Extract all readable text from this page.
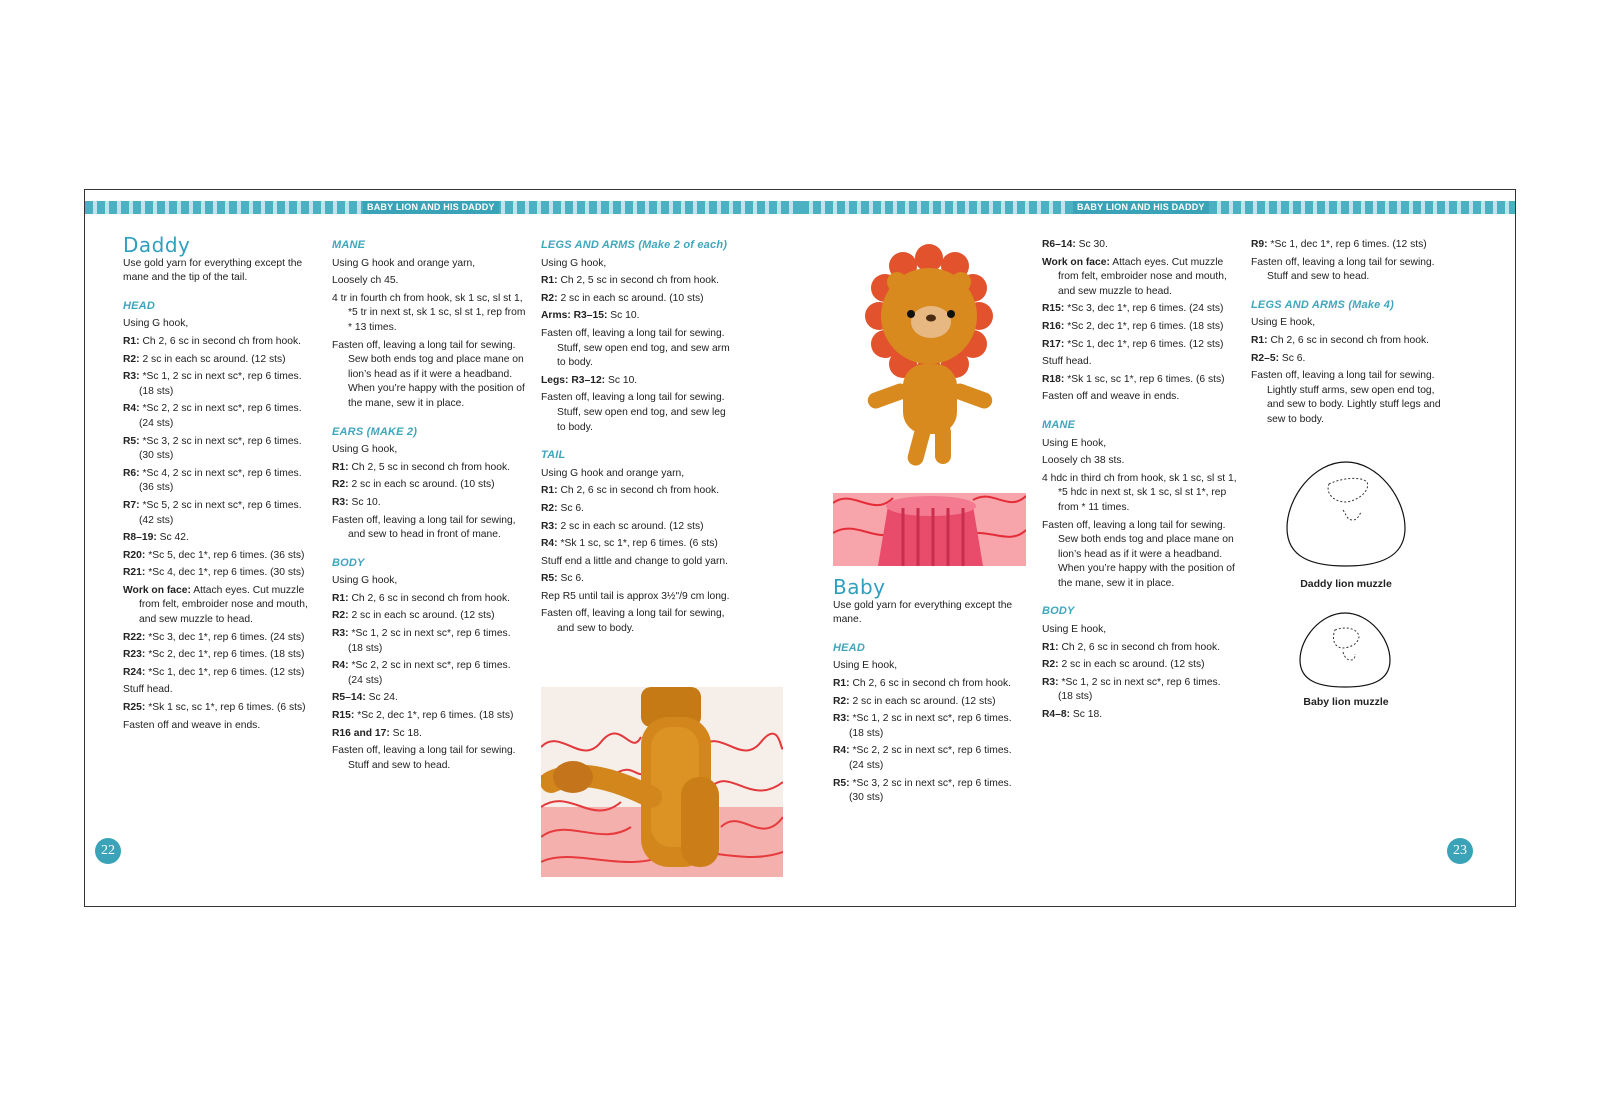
BABY LION AND HIS DADDY	BABY LION AND HIS DADDY
Daddy

Use gold yarn for everything except the mane and the tip of the tail.

HEAD

Using G hook,

R1: Ch 2, 6 sc in second ch from hook.

R2: 2 sc in each sc around. (12 sts)

R3: *Sc 1, 2 sc in next sc*, rep 6 times. (18 sts)

R4: *Sc 2, 2 sc in next sc*, rep 6 times. (24 sts)

R5: *Sc 3, 2 sc in next sc*, rep 6 times. (30 sts)

R6: *Sc 4, 2 sc in next sc*, rep 6 times. (36 sts)

R7: *Sc 5, 2 sc in next sc*, rep 6 times. (42 sts)

R8–19: Sc 42.

R20: *Sc 5, dec 1*, rep 6 times. (36 sts)

R21: *Sc 4, dec 1*, rep 6 times. (30 sts)

Work on face: Attach eyes. Cut muzzle from felt, embroider nose and mouth, and sew muzzle to head.

R22: *Sc 3, dec 1*, rep 6 times. (24 sts)

R23: *Sc 2, dec 1*, rep 6 times. (18 sts)

R24: *Sc 1, dec 1*, rep 6 times. (12 sts)

Stuff head.

R25: *Sk 1 sc, sc 1*, rep 6 times. (6 sts)

Fasten off and weave in ends.

MANE

Using G hook and orange yarn,

Loosely ch 45.

4 tr in fourth ch from hook, sk 1 sc, sl st 1, *5 tr in next st, sk 1 sc, sl st 1, rep from * 13 times.

Fasten off, leaving a long tail for sewing. Sew both ends tog and place mane on lion’s head as if it were a headband. When you’re happy with the position of the mane, sew it in place.

EARS (MAKE 2)

Using G hook,

R1: Ch 2, 5 sc in second ch from hook.

R2: 2 sc in each sc around. (10 sts)

R3: Sc 10.

Fasten off, leaving a long tail for sewing, and sew to head in front of mane.

BODY

Using G hook,

R1: Ch 2, 6 sc in second ch from hook.

R2: 2 sc in each sc around. (12 sts)

R3: *Sc 1, 2 sc in next sc*, rep 6 times. (18 sts)

R4: *Sc 2, 2 sc in next sc*, rep 6 times. (24 sts)

R5–14: Sc 24.

R15: *Sc 2, dec 1*, rep 6 times. (18 sts)

R16 and 17: Sc 18.

Fasten off, leaving a long tail for sewing. Stuff and sew to head.

LEGS AND ARMS (Make 2 of each)

Using G hook,

R1: Ch 2, 5 sc in second ch from hook.

R2: 2 sc in each sc around. (10 sts)

Arms: R3–15: Sc 10.

Fasten off, leaving a long tail for sewing. Stuff, sew open end tog, and sew arm to body.

Legs: R3–12: Sc 10.

Fasten off, leaving a long tail for sewing. Stuff, sew open end tog, and sew leg to body.

TAIL

Using G hook and orange yarn,

R1: Ch 2, 6 sc in second ch from hook.

R2: Sc 6.

R3: 2 sc in each sc around. (12 sts)

R4: *Sk 1 sc, sc 1*, rep 6 times. (6 sts)

Stuff end a little and change to gold yarn.

R5: Sc 6.

Rep R5 until tail is approx 3½"/9 cm long.

Fasten off, leaving a long tail for sewing, and sew to body.

Baby

Use gold yarn for everything except the mane.

HEAD

Using E hook,

R1: Ch 2, 6 sc in second ch from hook.

R2: 2 sc in each sc around. (12 sts)

R3: *Sc 1, 2 sc in next sc*, rep 6 times. (18 sts)

R4: *Sc 2, 2 sc in next sc*, rep 6 times. (24 sts)

R5: *Sc 3, 2 sc in next sc*, rep 6 times. (30 sts)

R6–14: Sc 30.

Work on face: Attach eyes. Cut muzzle from felt, embroider nose and mouth, and sew muzzle to head.

R15: *Sc 3, dec 1*, rep 6 times. (24 sts)

R16: *Sc 2, dec 1*, rep 6 times. (18 sts)

R17: *Sc 1, dec 1*, rep 6 times. (12 sts)

Stuff head.

R18: *Sk 1 sc, sc 1*, rep 6 times. (6 sts)

Fasten off and weave in ends.

MANE

Using E hook,

Loosely ch 38 sts.

4 hdc in third ch from hook, sk 1 sc, sl st 1, *5 hdc in next st, sk 1 sc, sl st 1*, rep from * 11 times.

Fasten off, leaving a long tail for sewing. Sew both ends tog and place mane on lion’s head as if it were a headband. When you’re happy with the position of the mane, sew it in place.

BODY

Using E hook,

R1: Ch 2, 6 sc in second ch from hook.

R2: 2 sc in each sc around. (12 sts)

R3: *Sc 1, 2 sc in next sc*, rep 6 times. (18 sts)

R4–8: Sc 18.

R9: *Sc 1, dec 1*, rep 6 times. (12 sts)

Fasten off, leaving a long tail for sewing. Stuff and sew to head.

LEGS AND ARMS (Make 4)

Using E hook,

R1: Ch 2, 6 sc in second ch from hook.

R2–5: Sc 6.

Fasten off, leaving a long tail for sewing. Lightly stuff arms, sew open end tog, and sew to body. Lightly stuff legs and sew to body.

Daddy lion muzzle
Baby lion muzzle
22	23
